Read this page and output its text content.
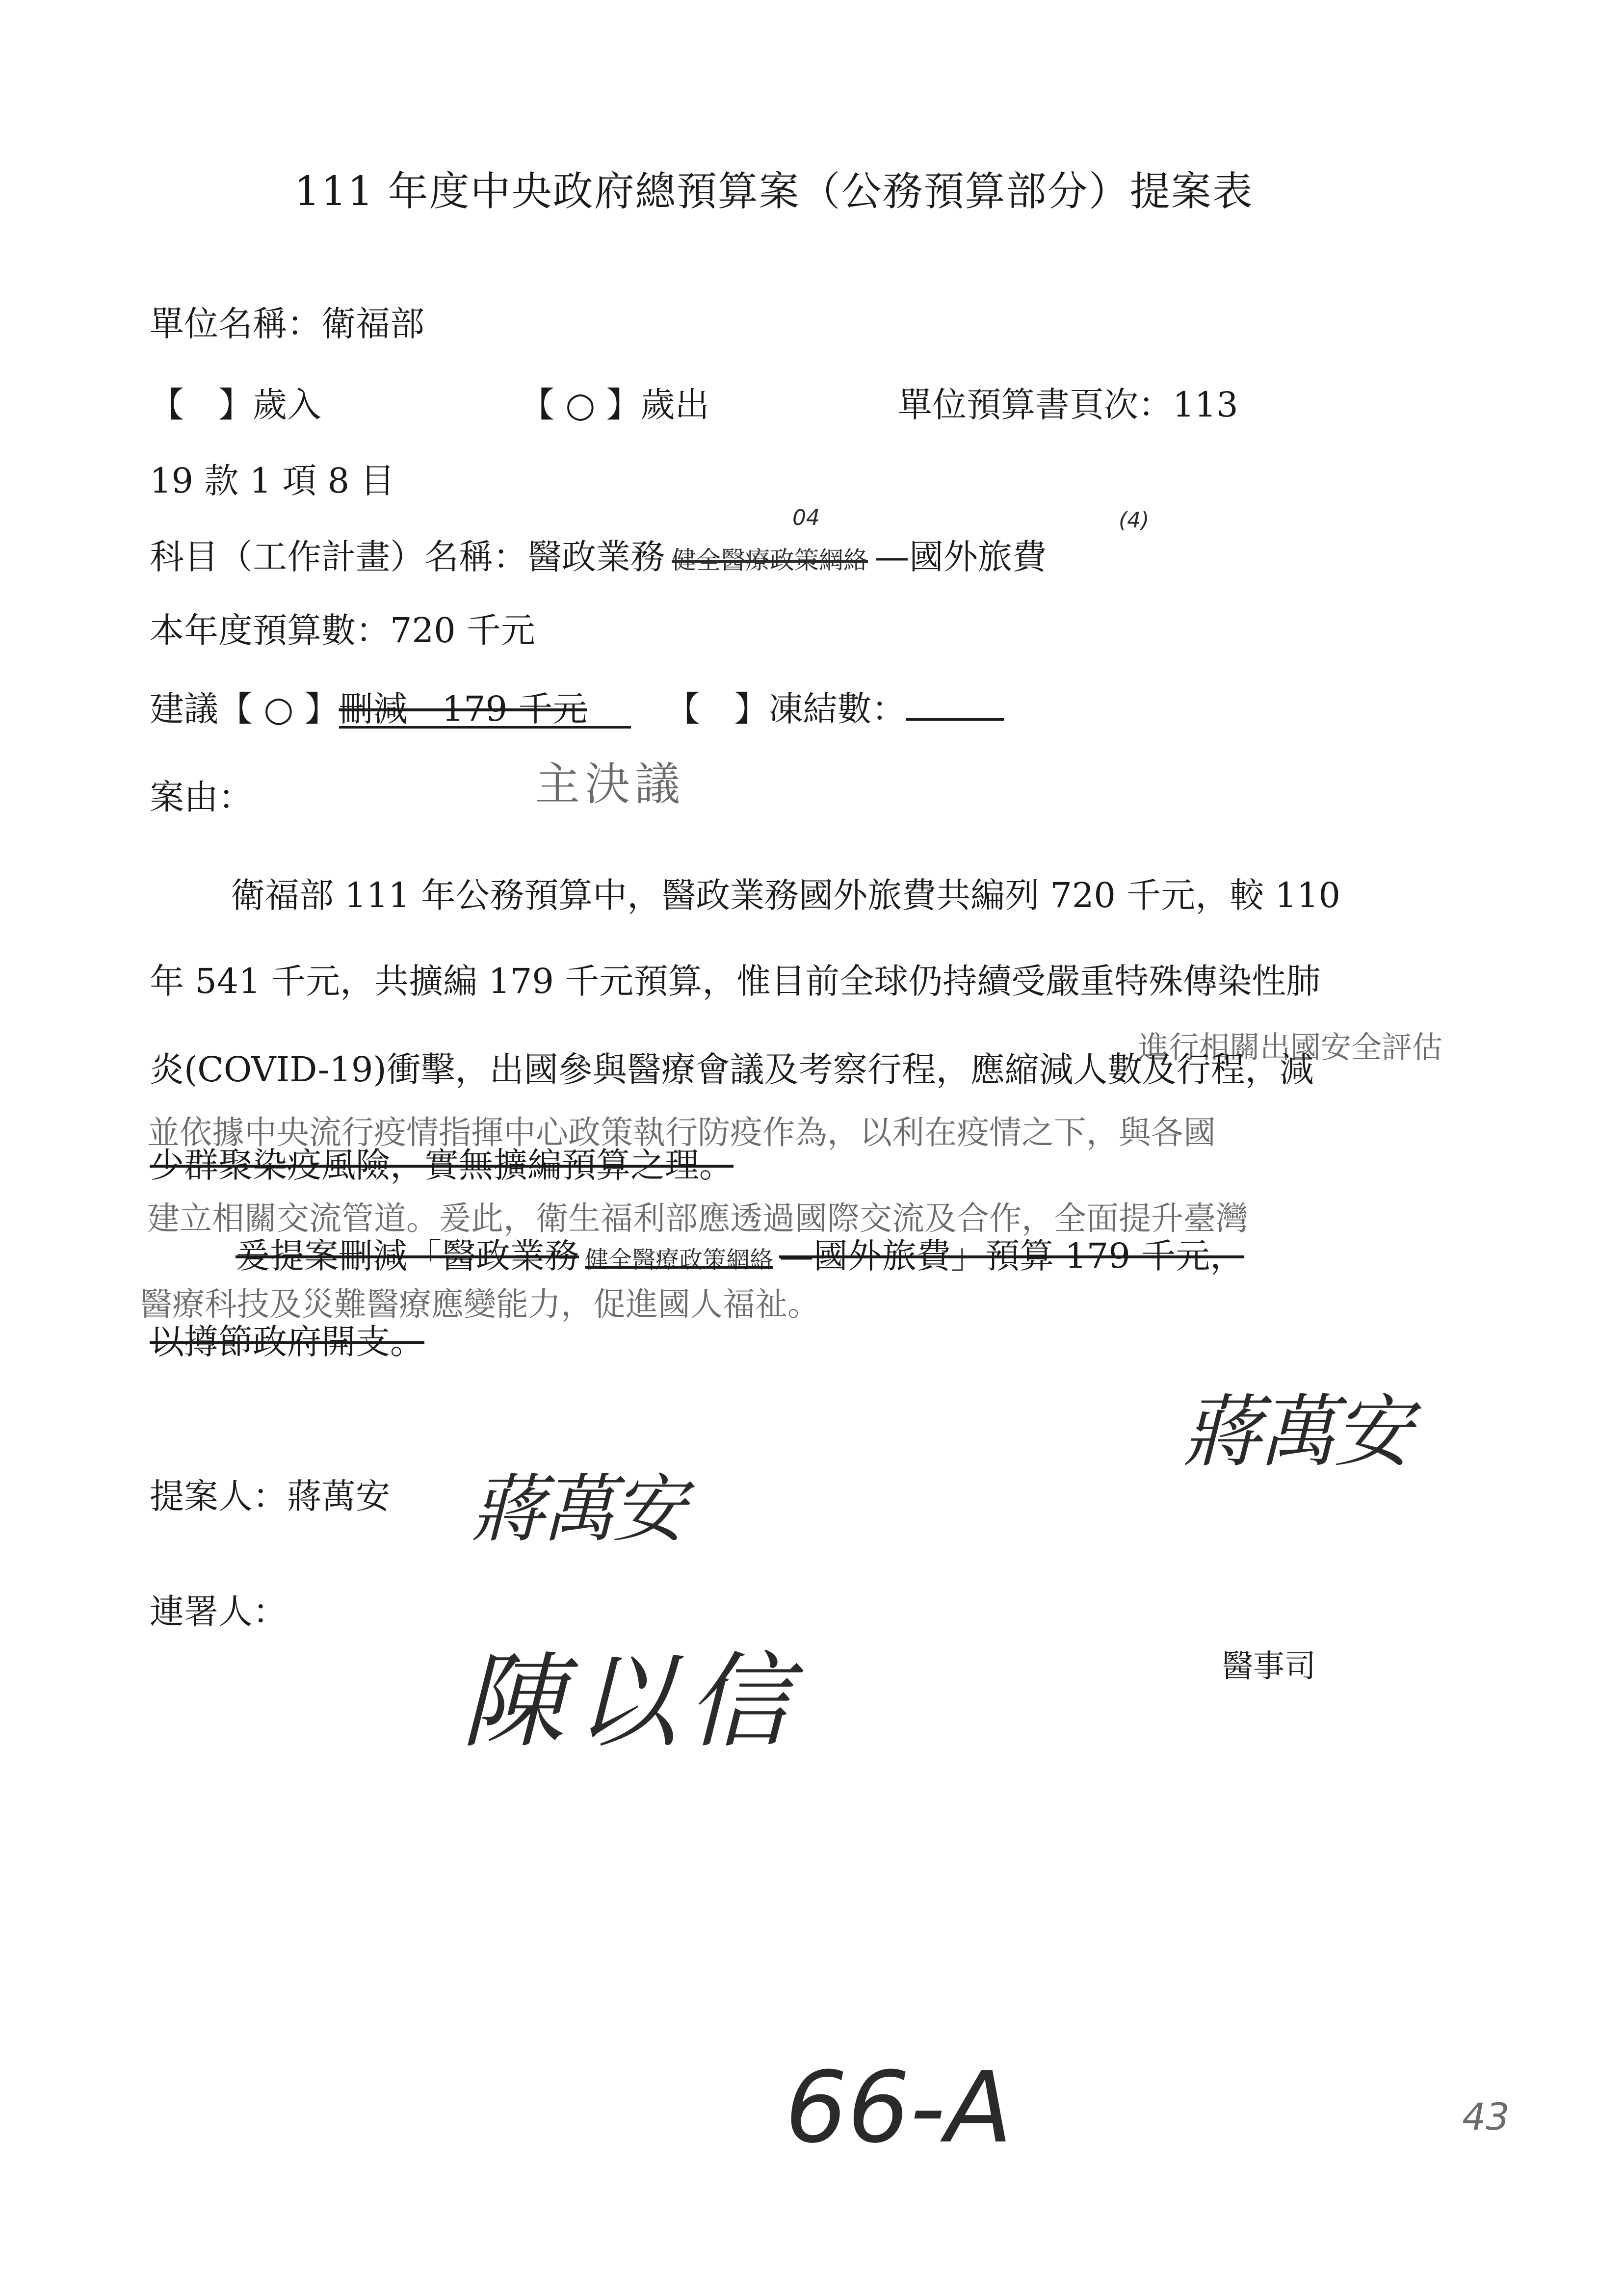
111 年度中央政府總預算案（公務預算部分）提案表
單位名稱：衛福部
【　】歲入	【 ○ 】歲出	單位預算書頁次：113
19 款 1 項 8 目
04	(4)
科目（工作計畫）名稱：醫政業務 健全醫療政策網絡 —國外旅費
本年度預算數：720 千元
建議【 ○ 】刪減　179 千元 【　】凍結數：
主決議
案由：
衛福部 111 年公務預算中，醫政業務國外旅費共編列 720 千元，較 110
年 541 千元，共擴編 179 千元預算，惟目前全球仍持續受嚴重特殊傳染性肺
進行相關出國安全評估
炎(COVID-19)衝擊，出國參與醫療會議及考察行程，應縮減人數及行程，減
並依據中央流行疫情指揮中心政策執行防疫作為，以利在疫情之下，與各國
少群聚染疫風險，實無擴編預算之理。
建立相關交流管道。爰此，衛生福利部應透過國際交流及合作，全面提升臺灣
爰提案刪減「醫政業務 健全醫療政策網絡 —國外旅費」預算 179 千元，
醫療科技及災難醫療應變能力，促進國人福祉。
以撙節政府開支。
蔣萬安
提案人：蔣萬安 蔣萬安
連署人：
陳以信	醫事司
66-A	43
